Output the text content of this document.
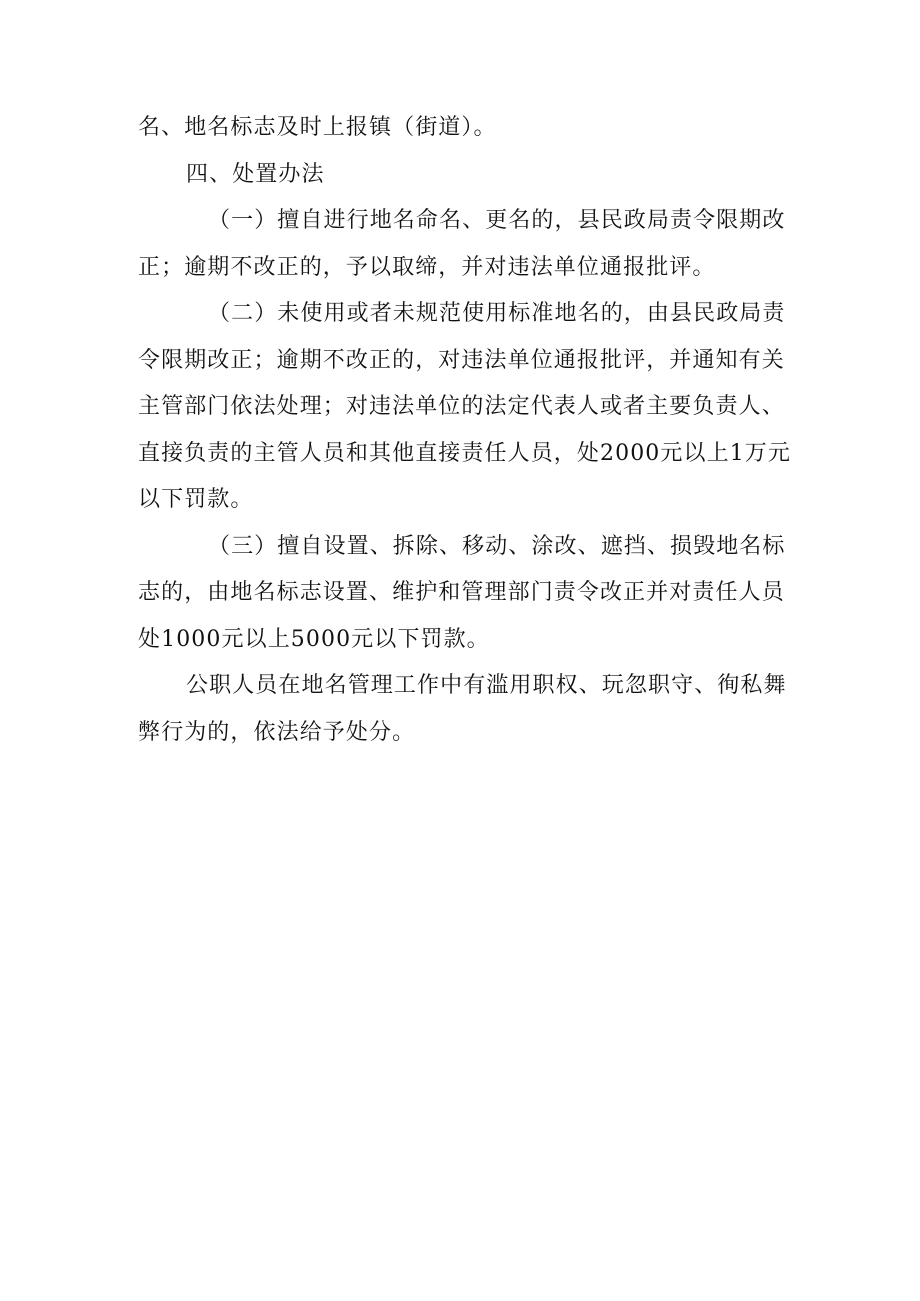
名、地名标志及时上报镇（街道）。
四、处置办法
（一）擅自进行地名命名、更名的，县民政局责令限期改
正；逾期不改正的，予以取缔，并对违法单位通报批评。
（二）未使用或者未规范使用标准地名的，由县民政局责
令限期改正；逾期不改正的，对违法单位通报批评，并通知有关
主管部门依法处理；对违法单位的法定代表人或者主要负责人、
直接负责的主管人员和其他直接责任人员，处2000元以上1万元
以下罚款。
（三）擅自设置、拆除、移动、涂改、遮挡、损毁地名标
志的，由地名标志设置、维护和管理部门责令改正并对责任人员
处1000元以上5000元以下罚款。
公职人员在地名管理工作中有滥用职权、玩忽职守、徇私舞
弊行为的，依法给予处分。
